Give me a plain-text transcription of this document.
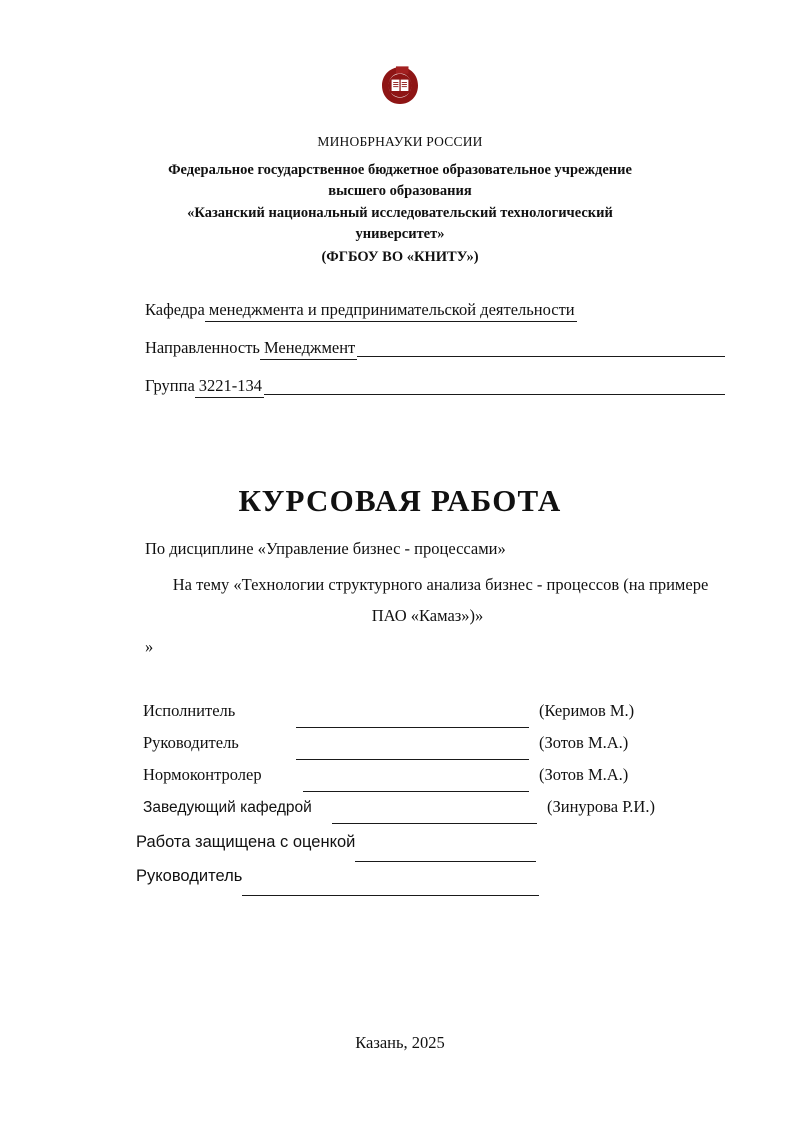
МИНОБРНАУКИ РОССИИ
Федеральное государственное бюджетное образовательное учреждение
высшего образования
«Казанский национальный исследовательский технологический
университет»
(ФГБОУ ВО «КНИТУ»)
Кафедра менеджмента и предпринимательской деятельности
Направленность Менеджмент
Группа 3221-134
КУРСОВАЯ РАБОТА
По дисциплине «Управление бизнес - процессами»
На тему «Технологии структурного анализа бизнес - процессов (на примере ПАО «Камаз»)»
»
Исполнитель	(Керимов М.)
Руководитель	(Зотов М.А.)
Нормоконтролер	(Зотов М.А.)
Заведующий кафедрой	(Зинурова Р.И.)
Работа защищена с оценкой
Руководитель
Казань, 2025
